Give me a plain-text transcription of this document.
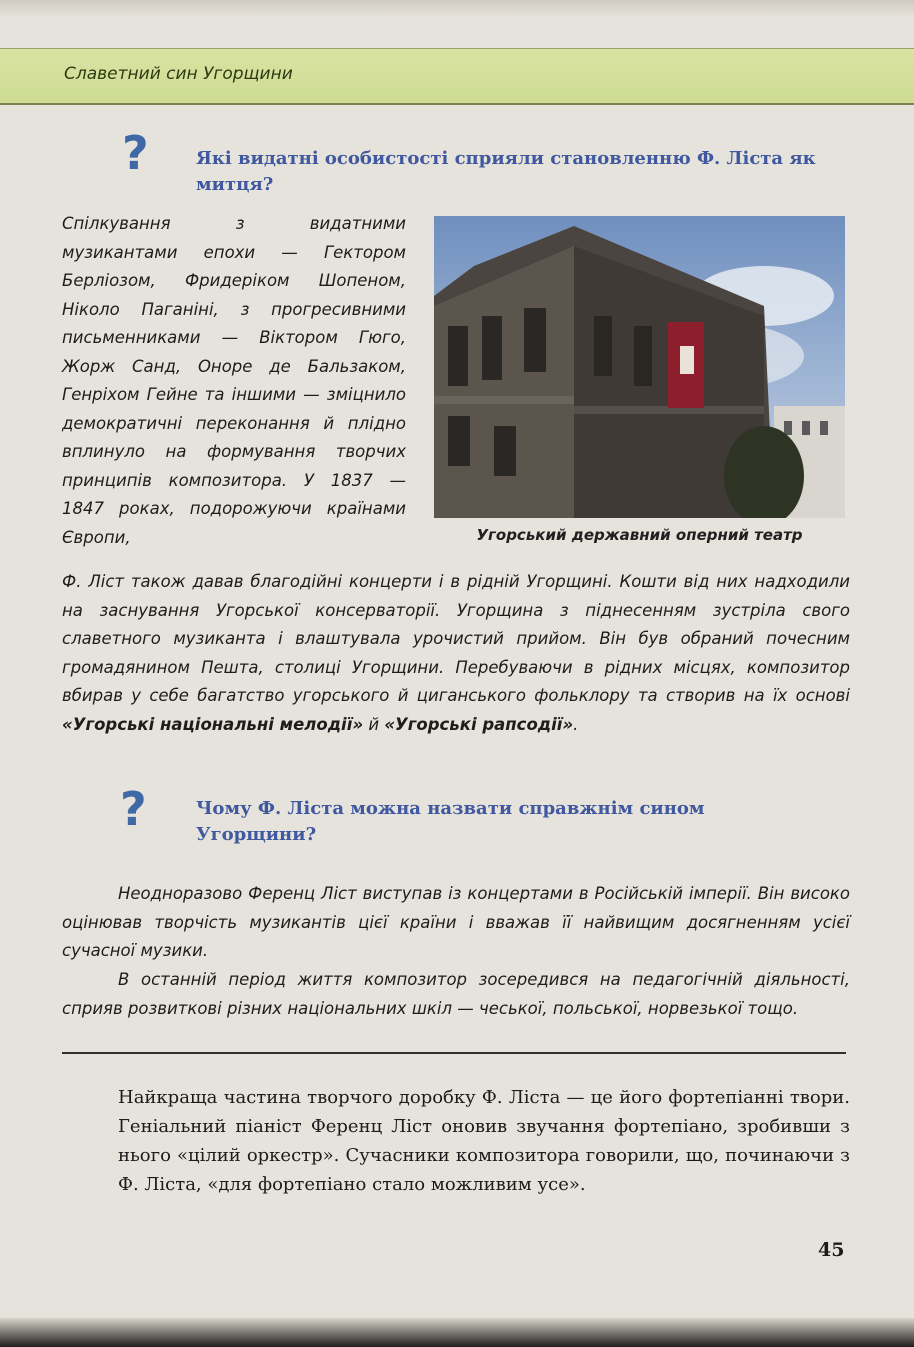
Славетний син Угорщини
?	Які видатні особистості сприяли становленню Ф. Ліста як митця?
Спілкування з видатними музикантами епохи — Гектором Берліозом, Фридеріком Шопеном, Ніколо Паганіні, з прогресивними письменниками — Віктором Гюго, Жорж Санд, Оноре де Бальзаком, Генріхом Гейне та іншими — зміцнило демократичні переконання й плідно вплинуло на формування творчих принципів композитора. У 1837 — 1847 роках, подорожуючи країнами Європи,	Угорський державний оперний театр
Ф. Ліст також давав благодійні концерти і в рідній Угорщині. Кошти від них надходили на заснування Угорської консерваторії. Угорщина з піднесенням зустріла свого славетного музиканта і влаштувала урочистий прийом. Він був обраний почесним громадянином Пешта, столиці Угорщини. Перебуваючи в рідних місцях, композитор вбирав у себе багатство угорського й циганського фольклору та створив на їх основі «Угорські національні мелодії» й «Угорські рапсодії».
?	Чому Ф. Ліста можна назвати справжнім сином Угорщини?
Неодноразово Ференц Ліст виступав із концертами в Російській імперії. Він високо оцінював творчість музикантів цієї країни і вважав її найвищим досягненням усієї сучасної музики.
В останній період життя композитор зосередився на педагогічній діяльності, сприяв розвиткові різних національних шкіл — чеської, польської, норвезької тощо.
Найкраща частина творчого доробку Ф. Ліста — це його фортепіанні твори. Геніальний піаніст Ференц Ліст оновив звучання фортепіано, зробивши з нього «цілий оркестр». Сучасники композитора говорили, що, починаючи з Ф. Ліста, «для фортепіано стало можливим усе».
45
